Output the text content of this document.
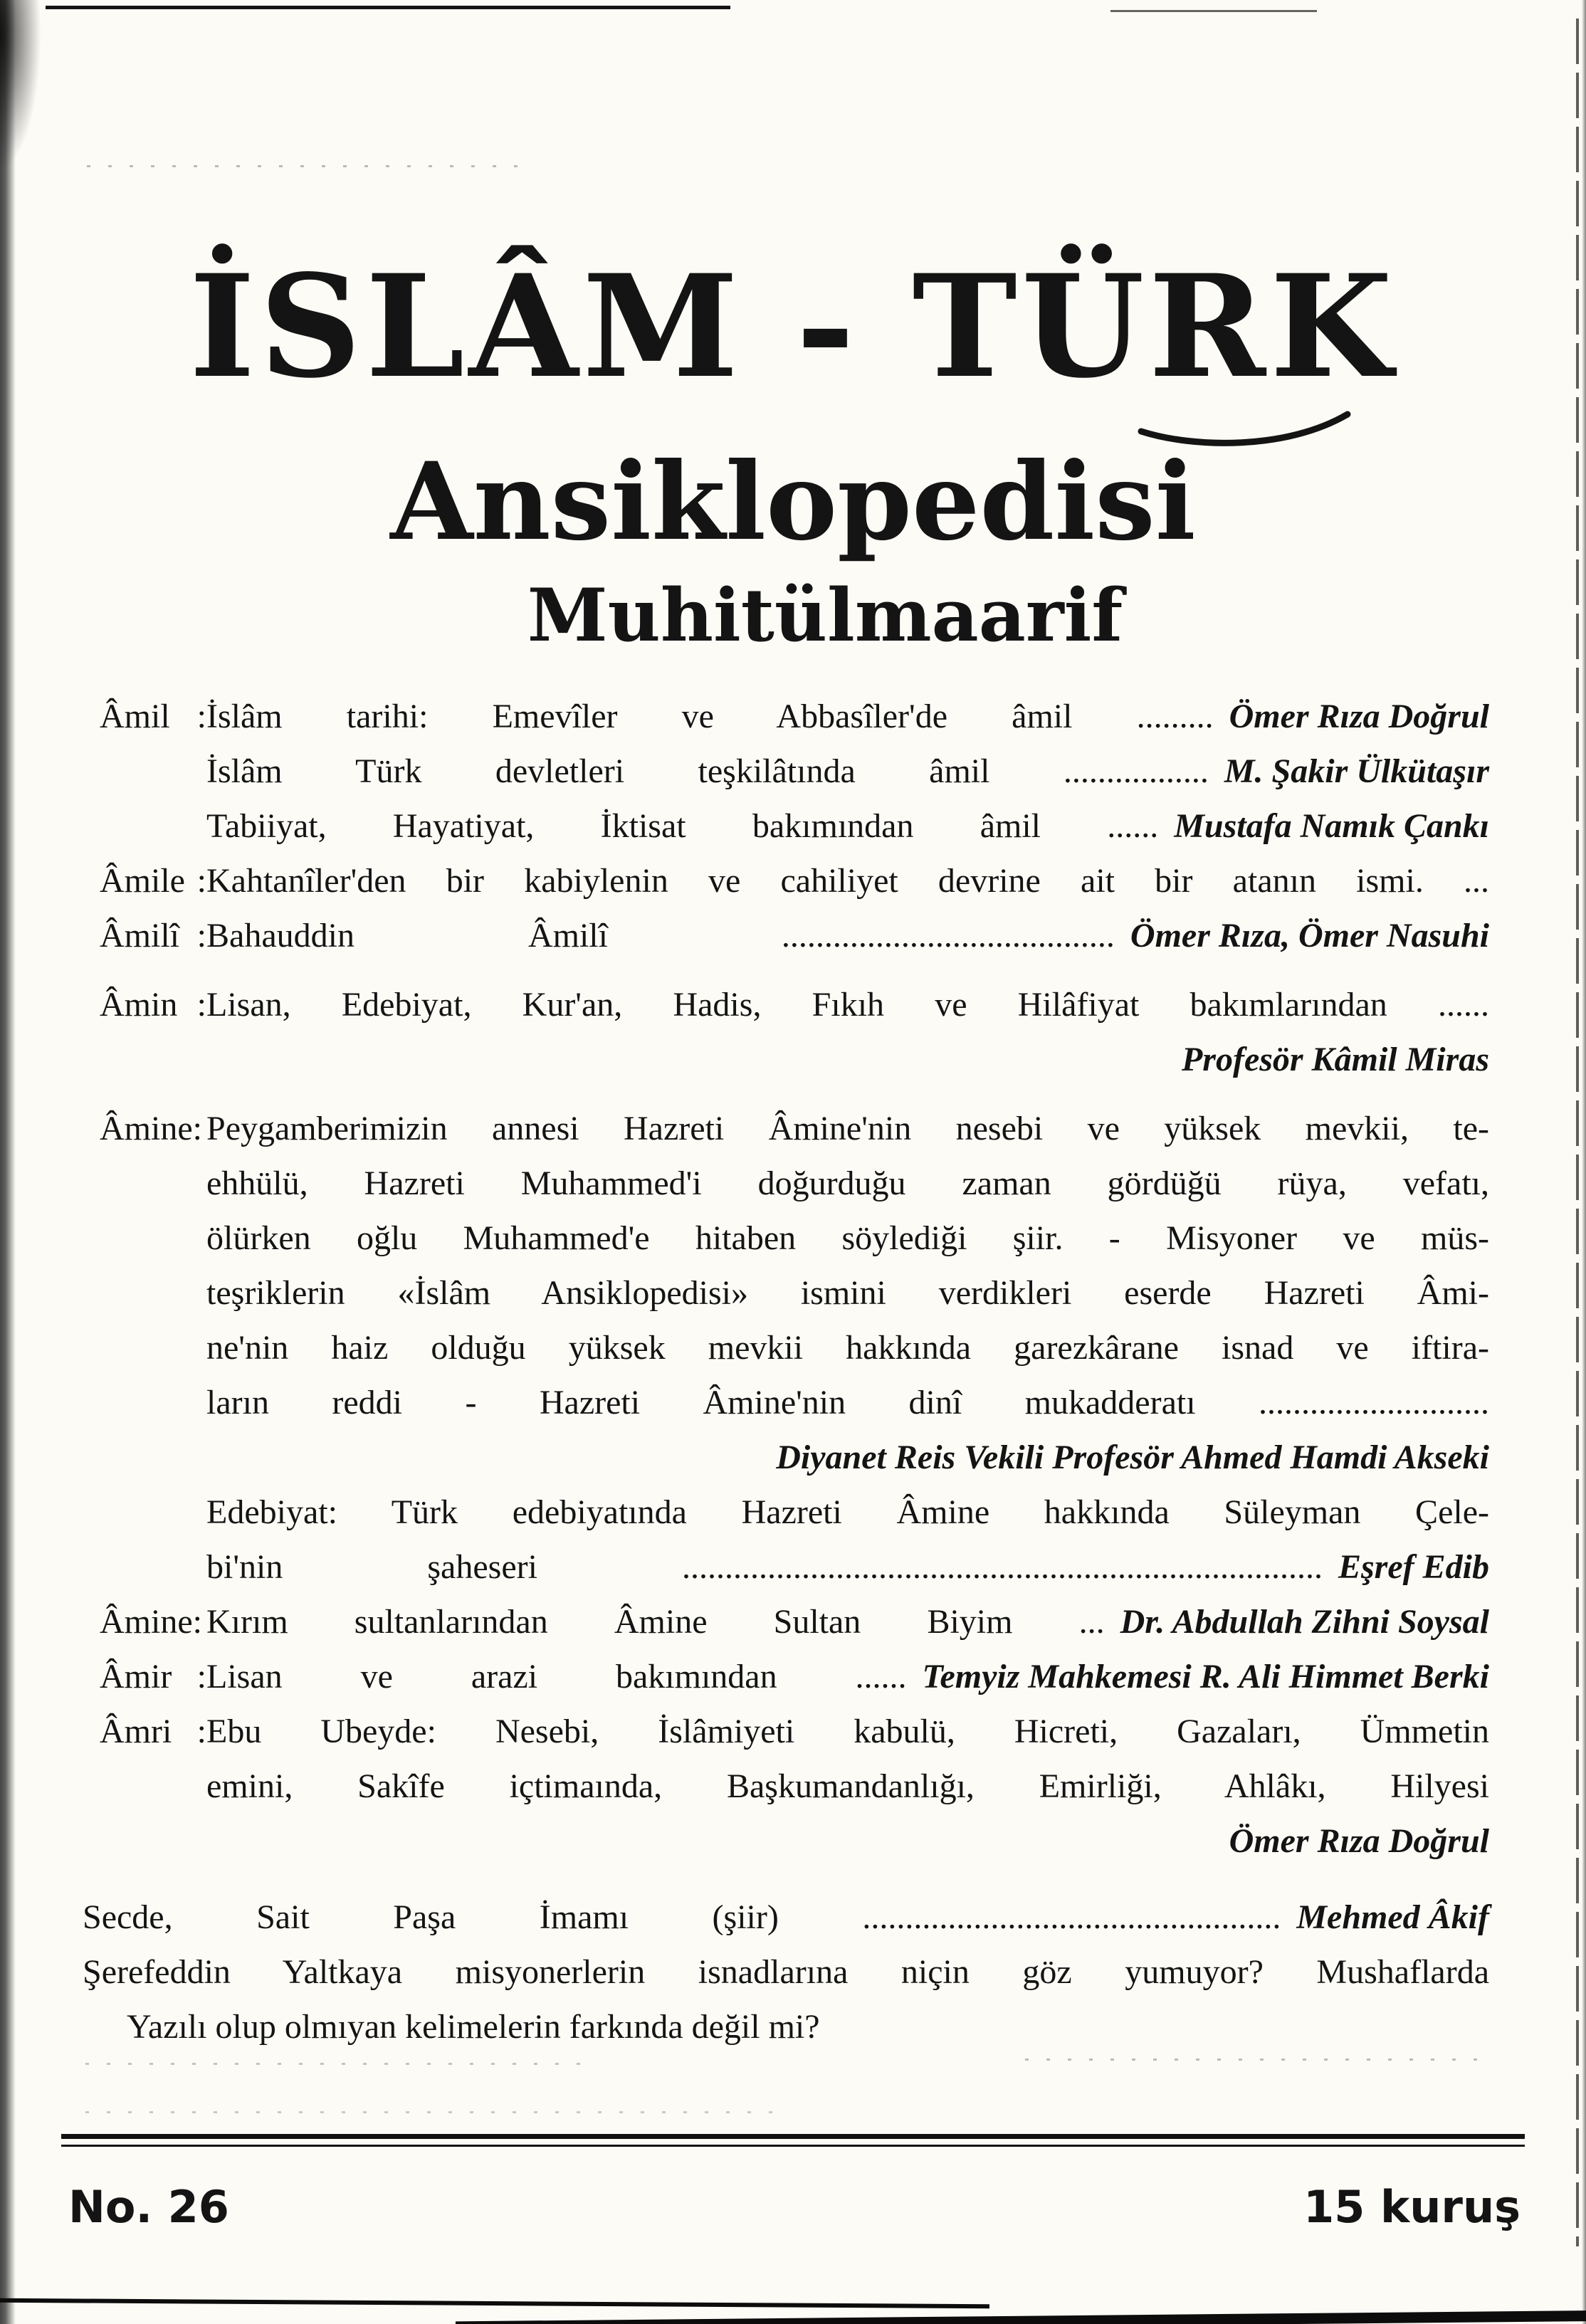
İSLÂM - TÜRK
Ansiklopedisi
Muhitülmaarif
Âmil : İslâm tarihi: Emevîler ve Abbasîler'de âmil ......... Ömer Rıza Doğrul
İslâm Türk devletleri teşkilâtında âmil ................. M. Şakir Ülkütaşır
Tabiiyat, Hayatiyat, İktisat bakımından âmil ...... Mustafa Namık Çankı
Âmile : Kahtanîler'den bir kabiylenin ve cahiliyet devrine ait bir atanın ismi. ...
Âmilî : Bahauddin Âmilî ....................................... Ömer Rıza, Ömer Nasuhi
Âmin : Lisan, Edebiyat, Kur'an, Hadis, Fıkıh ve Hilâfiyat bakımlarından ......
Profesör Kâmil Miras
Âmine: Peygamberimizin annesi Hazreti Âmine'nin nesebi ve yüksek mevkii, te-
ehhülü, Hazreti Muhammed'i doğurduğu zaman gördüğü rüya, vefatı,
ölürken oğlu Muhammed'e hitaben söylediği şiir. - Misyoner ve müs-
teşriklerin «İslâm Ansiklopedisi» ismini verdikleri eserde Hazreti Âmi-
ne'nin haiz olduğu yüksek mevkii hakkında garezkârane isnad ve iftira-
ların reddi - Hazreti Âmine'nin dinî mukadderatı ...........................
Diyanet Reis Vekili Profesör Ahmed Hamdi Akseki
Edebiyat: Türk edebiyatında Hazreti Âmine hakkında Süleyman Çele-
bi'nin şaheseri ........................................................................... Eşref Edib
Âmine: Kırım sultanlarından Âmine Sultan Biyim ... Dr. Abdullah Zihni Soysal
Âmir : Lisan ve arazi bakımından ...... Temyiz Mahkemesi R. Ali Himmet Berki
Âmri : Ebu Ubeyde: Nesebi, İslâmiyeti kabulü, Hicreti, Gazaları, Ümmetin
emini, Sakîfe içtimaında, Başkumandanlığı, Emirliği, Ahlâkı, Hilyesi
Ömer Rıza Doğrul
Secde, Sait Paşa İmamı (şiir) ................................................. Mehmed Âkif
Şerefeddin Yaltkaya misyonerlerin isnadlarına niçin göz yumuyor? Mushaflarda
Yazılı olup olmıyan kelimelerin farkında değil mi?
No. 26	15 kuruş
